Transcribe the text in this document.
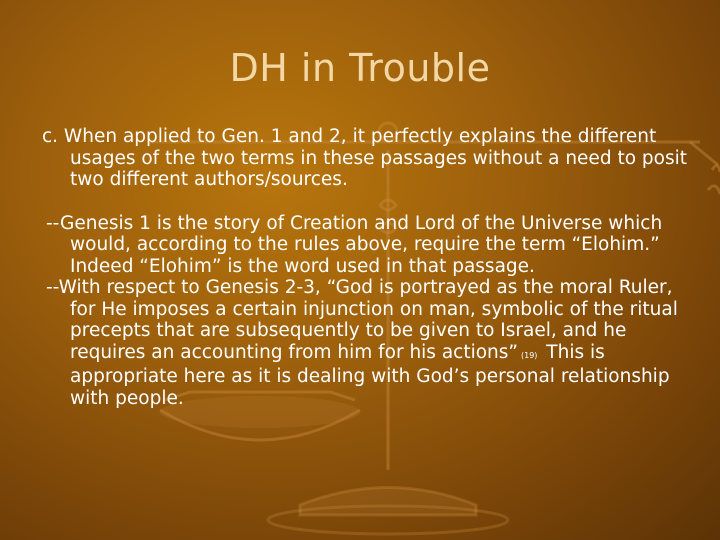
DH in Trouble

c. When applied to Gen. 1 and 2, it perfectly explains the different usages of the two terms in these passages without a need to posit two different authors/sources.

--Genesis 1 is the story of Creation and Lord of the Universe which would, according to the rules above, require the term “Elohim.” Indeed “Elohim” is the word used in that passage.

--With respect to Genesis 2-3, “God is portrayed as the moral Ruler, for He imposes a certain injunction on man, symbolic of the ritual precepts that are subsequently to be given to Israel, and he requires an accounting from him for his actions” (19) This is appropriate here as it is dealing with God’s personal relationship with people.
